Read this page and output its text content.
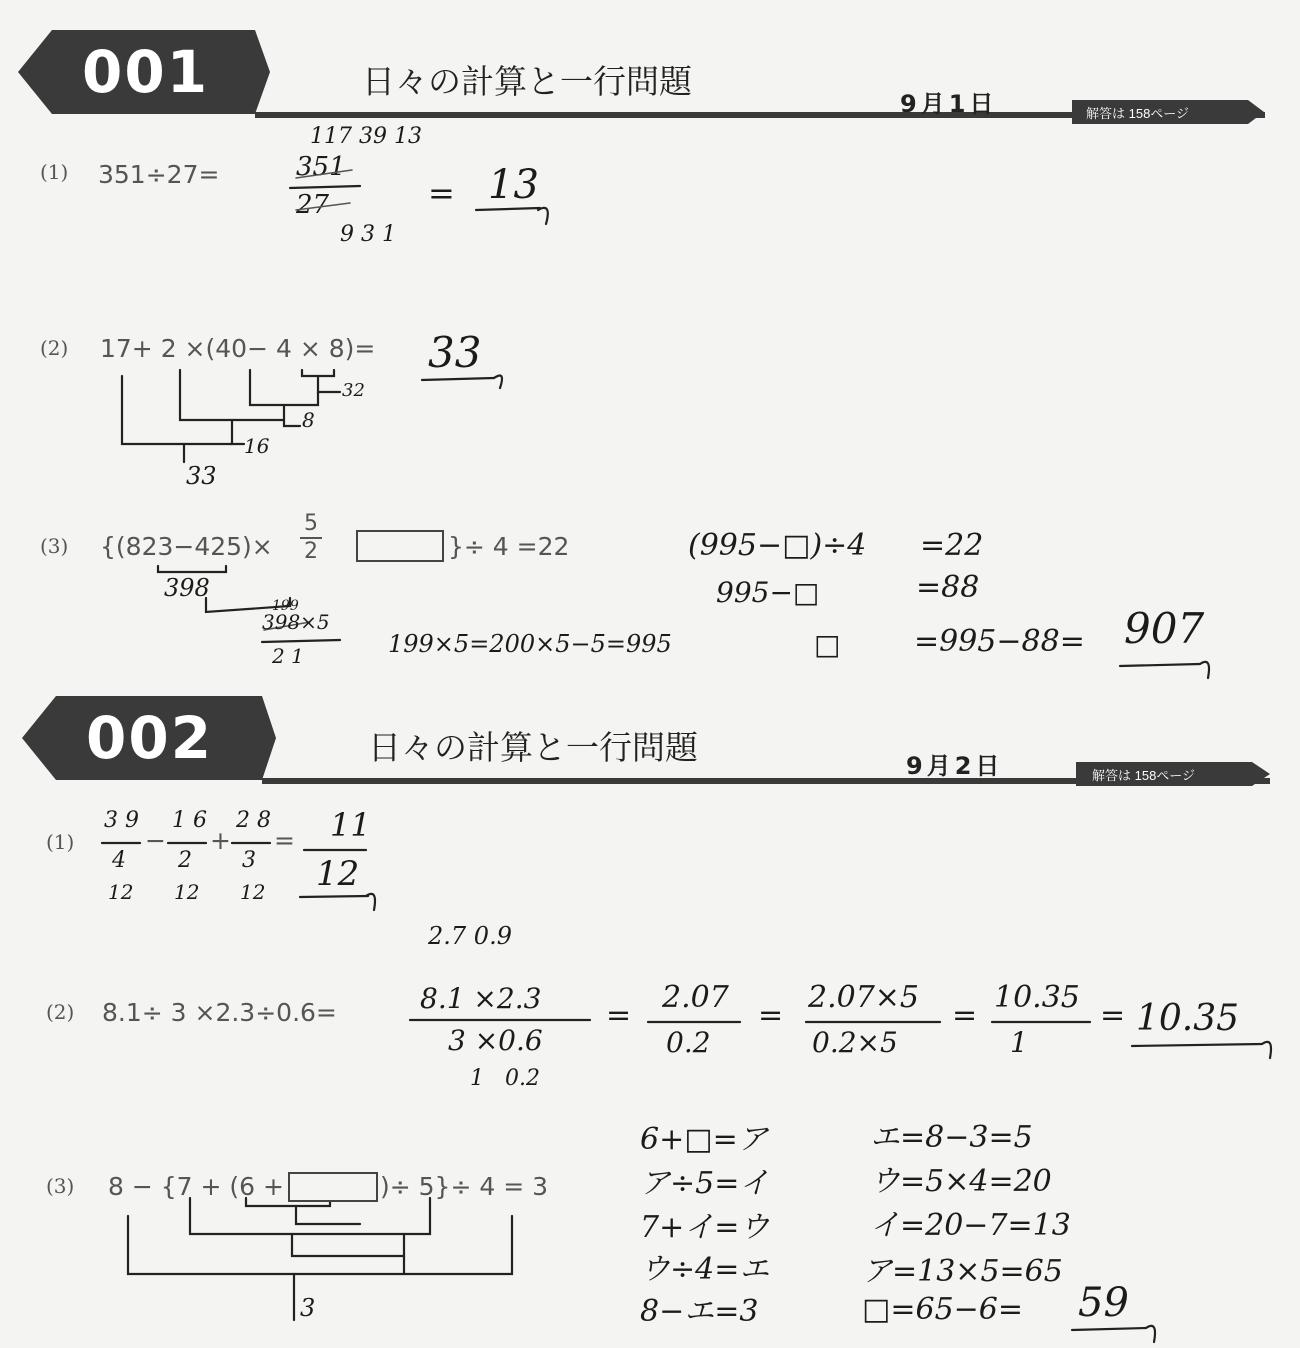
001	日々の計算と一行問題
9月1日	解答は 158ページ
(1) 351÷27=
117 39 13
351
27
9 3 1
= 13
(2) 17+ 2 ×(40− 4 × 8)= 33
32
8
16
33
(3) {(823−425)×
5
2	}÷ 4 =22
398
199
398×5
2 1	199×5=200×5−5=995
(995−□)÷4 =22
995−□	=88
□ =995−88= 907
002	日々の計算と一行問題	9月2日	解答は 158ページ
(1)
3 9
4
12
−
1 6
2
12
+
2 8
3
12
= 11
12
(2) 8.1÷ 3 ×2.3÷0.6=
2.7 0.9
8.1 ×2.3
3 ×0.6
1   0.2
=
2.07
0.2
=
2.07×5
0.2×5
=
10.35
1
= 10.35
(3) 8 − {7 + (6 +	)÷ 5}÷ 4 = 3
3
6+□=ア
ア÷5=イ
7+イ=ウ
ウ÷4=エ
8−エ=3
エ=8−3=5
ウ=5×4=20
イ=20−7=13
ア=13×5=65
□=65−6= 59
